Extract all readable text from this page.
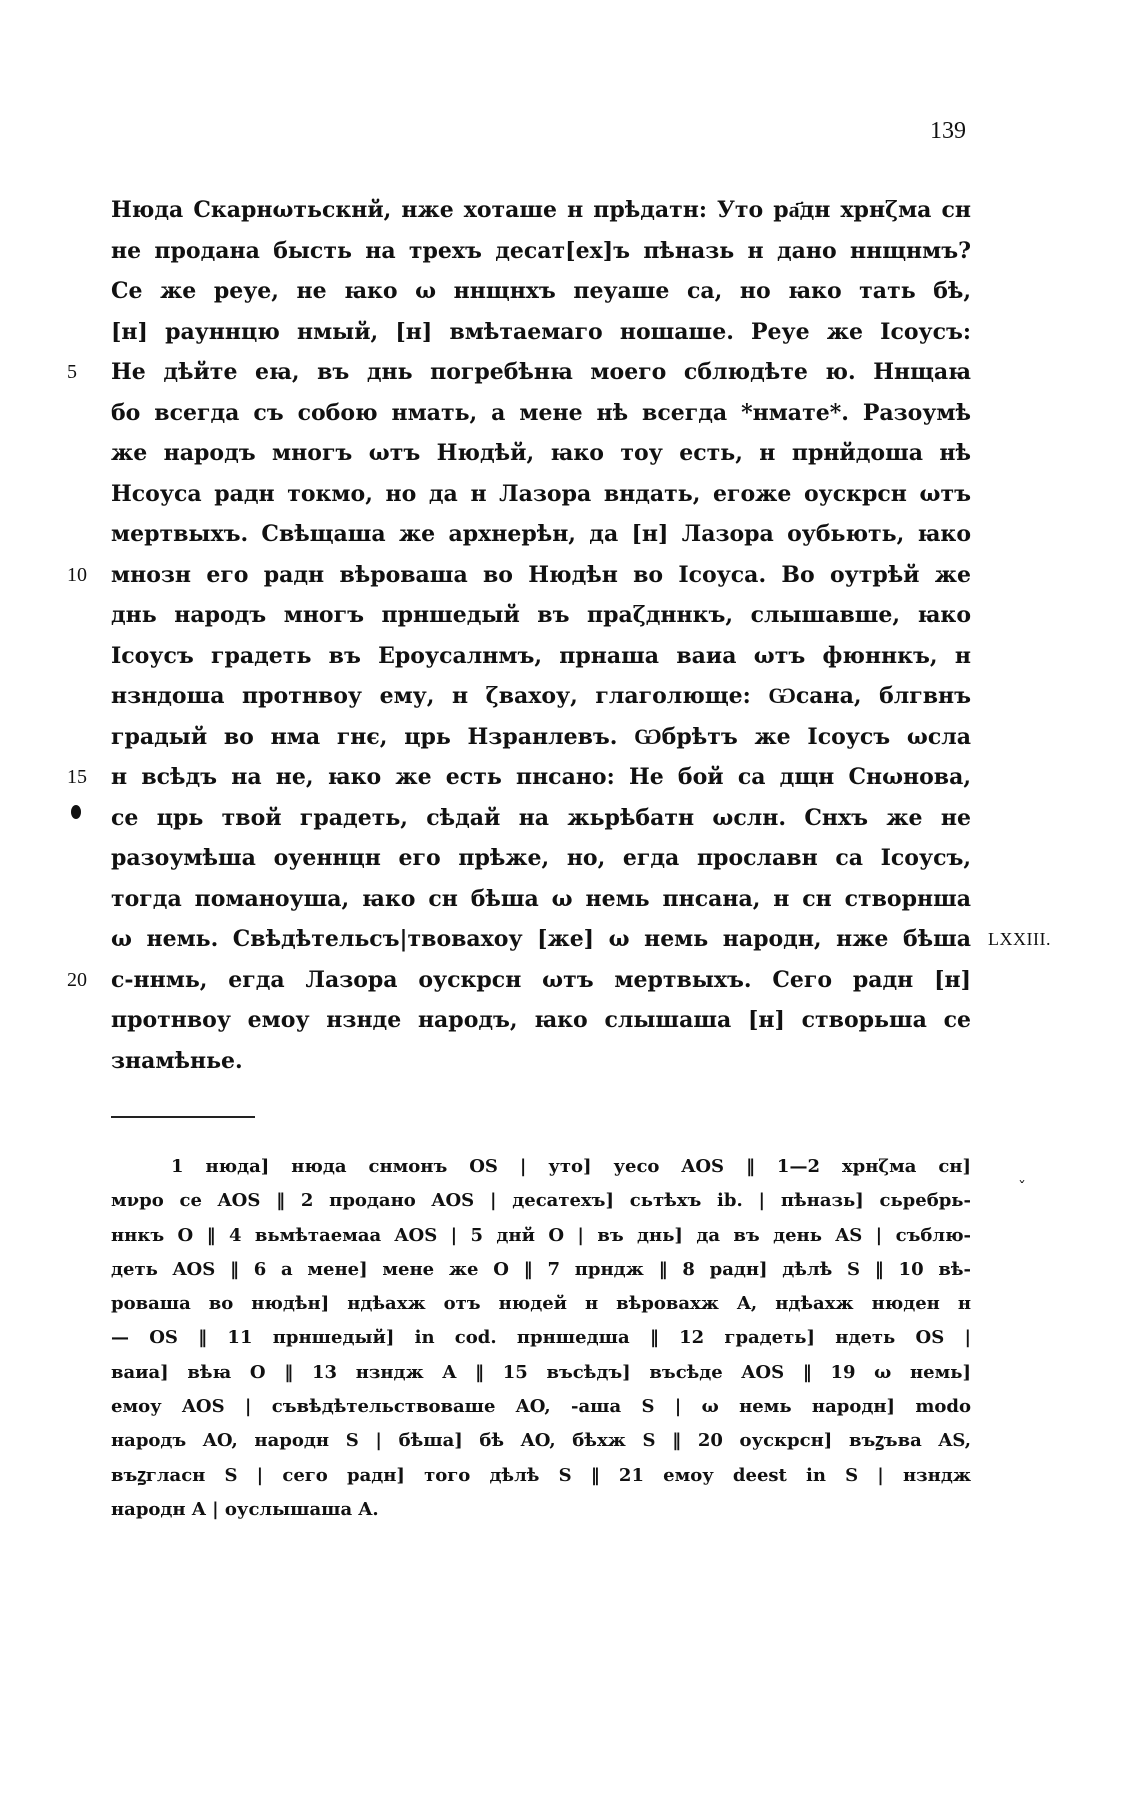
139
Нюда Скарнωтьскнй, нже хоташе н прѣдатн: Уто ра҃дн хрнζма сн
не продана бысть на трехъ десат[ех]ъ пѣназь н дано ннщнмъ?
Се же реуе, не ꙗко ω ннщнхъ пеуаше са, но ꙗко тать бѣ,
[н] рауннцю нмый, [н] вмѣтаемаго ношаше. Реуе же Ісоусъ:
5	Не дѣйте еꙗ, въ днь погребѣнꙗ моего сблюдѣте ю. Ннщаꙗ
бо всегда съ собою нмать, а мене нѣ всегда *нмате*. Разоумѣ
же народъ многъ ωтъ Нюдѣй, ꙗко тоу есть, н прнйдоша нѣ
Нсоуса радн токмо, но да н Лазора вндать, егоже оускрсн ωтъ
мертвыхъ. Свѣщаша же архнерѣн, да [н] Лазора оубьють, ꙗко
10	мнозн его радн вѣроваша во Нюдѣн во Ісоуса. Во оутрѣй же
днь народъ многъ прншедый въ праζдннкъ, слышавше, ꙗко
Ісоусъ градеть въ Ероусалнмъ, прнаша ваиа ωтъ фюннкъ, н
нзндоша протнвоу ему, н ζвахоу, глаголюще: Ѡсана, блгвнъ
градый во нма гнє, црь Нзранлевъ. Ѡбрѣтъ же Ісоусъ ωсла
15	н всѣдъ на не, ꙗко же есть пнсано: Не бой са дщн Снωнова,
се црь твой градеть, сѣдай на жьрѣбатн ωслн. Снхъ же не
разоумѣша оуеннцн его прѣже, но, егда прославн са Ісоусъ,
тогда поманоуша, ꙗко сн бѣша ω немь пнсана, н сн створнша
ω немь. Свѣдѣтельсъ|твовахоу [же] ω немь народн, нже бѣша LXXIII.
20	с-ннмь, егда Лазора оускрсн ωтъ мертвыхъ. Сего радн [н]
протнвоу емоу нзнде народъ, ꙗко слышаша [н] створьша се
знамѣнье.
1 нюда] нюда снмонъ OS | уто] уесо AOS ‖ 1—2 хрнζма сн]
мνро се AOS ‖ 2 продано AOS | десатехъ] сьтѣхъ ib. | пѣназь] сьребрь-
ннкъ O ‖ 4 вьмѣтаемаа AOS | 5 днй O | въ днь] да въ день AS | съблю-
деть AOS ‖ 6 а мене] мене же O ‖ 7 прндж ‖ 8 радн] дѣлѣ S ‖ 10 вѣ-
роваша во нюдѣн] ндѣахж отъ нюдей н вѣровахж A, ндѣахж нюден н
— OS ‖ 11 прншедый] in cod. прншедша ‖ 12 градеть] ндеть OS |
ваиа] вѣꙗ O ‖ 13 нзндж A ‖ 15 въсѣдъ] въсѣде AOS ‖ 19 ω немь]
емоу AOS | съвѣдѣтельствоваше AO, -аша S | ω немь народн] modo
народъ AO, народн S | бѣша] бѣ AO, бѣхж S ‖ 20 оускрсн] въꙁъва AS,
въꙁгласн S | сего радн] того дѣлѣ S ‖ 21 емоу deest in S | нзндж
народн A | оуслышаша A.
ˇ
